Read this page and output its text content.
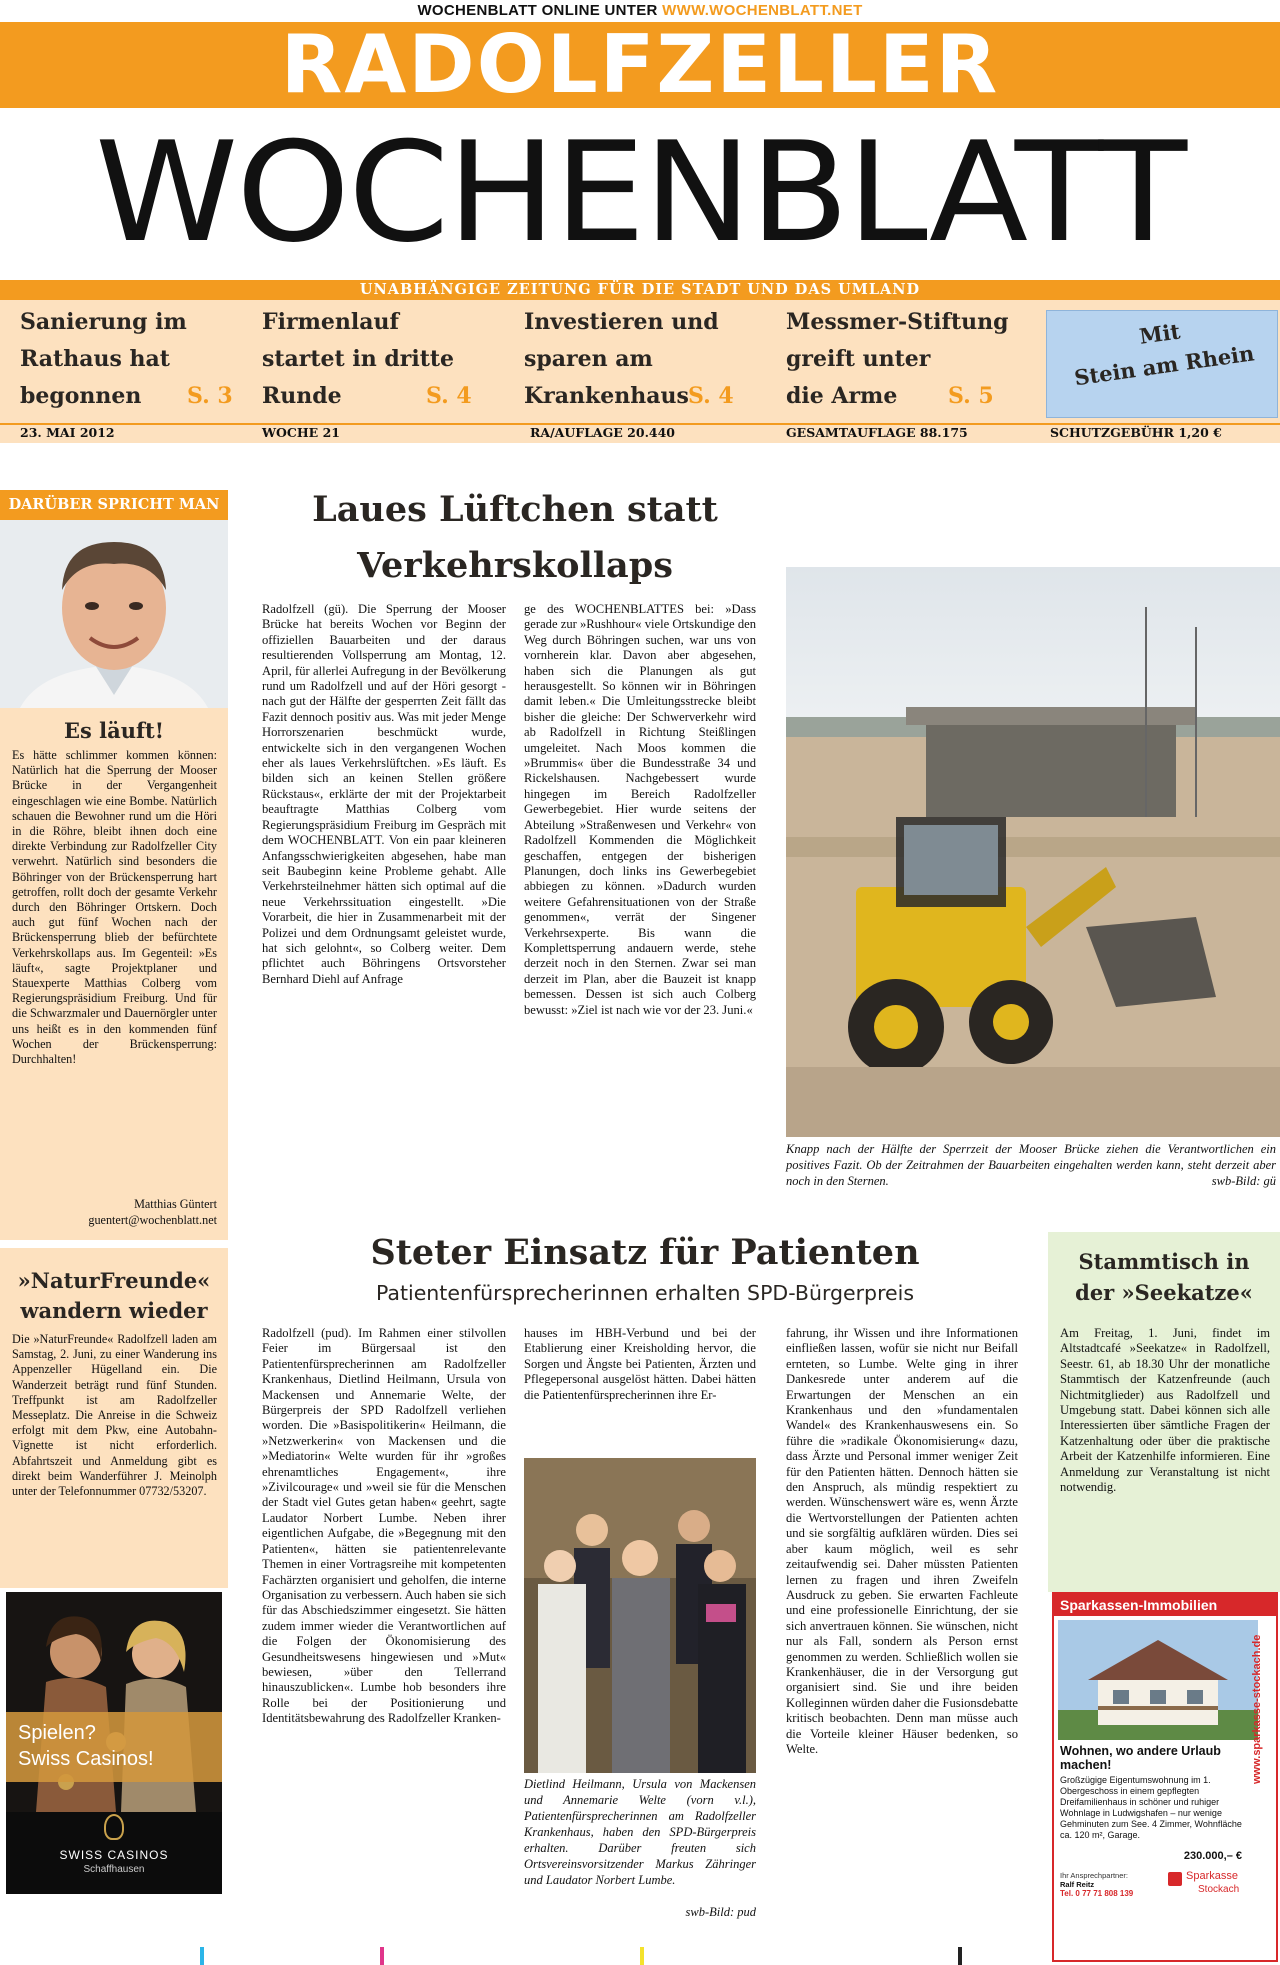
WOCHENBLATT ONLINE UNTER WWW.WOCHENBLATT.NET
RADOLFZELLER
WOCHENBLATT
UNABHÄNGIGE ZEITUNG FÜR DIE STADT UND DAS UMLAND
Sanierung im
Rathaus hat
begonnen S. 3
Firmenlauf
startet in dritte
Runde	S. 4
Investieren und
sparen am
Krankenhaus S. 4
Messmer-Stiftung
greift unter
die Arme S. 5
Mit
Stein am Rhein
23. MAI 2012	WOCHE 21	RA/AUFLAGE 20.440	GESAMTAUFLAGE 88.175	SCHUTZGEBÜHR 1,20 €
DARÜBER SPRICHT MAN
Es läuft!
Es hätte schlimmer kommen können: Natürlich hat die Sperrung der Mooser Brücke in der Vergangenheit eingeschlagen wie eine Bombe. Natürlich schauen die Bewohner rund um die Höri in die Röhre, bleibt ihnen doch eine direkte Verbindung zur Radolfzeller City verwehrt. Natürlich sind besonders die Böhringer von der Brückensperrung hart getroffen, rollt doch der gesamte Verkehr durch den Böhringer Ortskern. Doch auch gut fünf Wochen nach der Brückensperrung blieb der befürchtete Verkehrskollaps aus. Im Gegenteil: »Es läuft«, sagte Projektplaner und Stauexperte Matthias Colberg vom Regierungspräsidium Freiburg. Und für die Schwarzmaler und Dauernörgler unter uns heißt es in den kommenden fünf Wochen der Brückensperrung: Durchhalten!
Matthias Güntert
guentert@wochenblatt.net
»NaturFreunde«
wandern wieder
Die »NaturFreunde« Radolfzell laden am Samstag, 2. Juni, zu einer Wanderung ins Appenzeller Hügelland ein. Die Wanderzeit beträgt rund fünf Stunden. Treffpunkt ist am Radolfzeller Messeplatz. Die Anreise in die Schweiz erfolgt mit dem Pkw, eine Autobahn-Vignette ist nicht erforderlich. Abfahrtszeit und Anmeldung gibt es direkt beim Wanderführer J. Meinolph unter der Telefonnummer 07732/53207.
Spielen?
Swiss Casinos!
SWISS CASINOS
Schaffhausen
Laues Lüftchen statt
Verkehrskollaps
Radolfzell (gü). Die Sperrung der Mooser Brücke hat bereits Wochen vor Beginn der offiziellen Bauarbeiten und der daraus resultierenden Vollsperrung am Montag, 12. April, für allerlei Aufregung in der Bevölkerung rund um Radolfzell und auf der Höri gesorgt - nach gut der Hälfte der gesperrten Zeit fällt das Fazit dennoch positiv aus. Was mit jeder Menge Horrorszenarien beschmückt wurde, entwickelte sich in den vergangenen Wochen eher als laues Verkehrslüftchen. »Es läuft. Es bilden sich an keinen Stellen größere Rückstaus«, erklärte der mit der Projektarbeit beauftragte Matthias Colberg vom Regierungspräsidium Freiburg im Gespräch mit dem WOCHENBLATT. Von ein paar kleineren Anfangsschwierigkeiten abgesehen, habe man seit Baubeginn keine Probleme gehabt. Alle Verkehrsteilnehmer hätten sich optimal auf die neue Verkehrssituation eingestellt. »Die Vorarbeit, die hier in Zusammenarbeit mit der Polizei und dem Ordnungsamt geleistet wurde, hat sich gelohnt«, so Colberg weiter. Dem pflichtet auch Böhringens Ortsvorsteher Bernhard Diehl auf Anfrage
ge des WOCHENBLATTES bei: »Dass gerade zur »Rushhour« viele Ortskundige den Weg durch Böhringen suchen, war uns von vornherein klar. Davon aber abgesehen, haben sich die Planungen als gut herausgestellt. So können wir in Böhringen damit leben.« Die Umleitungsstrecke bleibt bisher die gleiche: Der Schwerverkehr wird ab Radolfzell in Richtung Steißlingen umgeleitet. Nach Moos kommen die »Brummis« über die Bundesstraße 34 und Rickelshausen. Nachgebessert wurde hingegen im Bereich Radolfzeller Gewerbegebiet. Hier wurde seitens der Abteilung »Straßenwesen und Verkehr« von Radolfzell Kommenden die Möglichkeit geschaffen, entgegen der bisherigen Planungen, doch links ins Gewerbegebiet abbiegen zu können. »Dadurch wurden weitere Gefahrensituationen von der Straße genommen«, verrät der Singener Verkehrsexperte. Bis wann die Komplettsperrung andauern werde, stehe derzeit noch in den Sternen. Zwar sei man derzeit im Plan, aber die Bauzeit ist knapp bemessen. Dessen ist sich auch Colberg bewusst: »Ziel ist nach wie vor der 23. Juni.«
Knapp nach der Hälfte der Sperrzeit der Mooser Brücke ziehen die Verantwortlichen ein positives Fazit. Ob der Zeitrahmen der Bauarbeiten eingehalten werden kann, steht derzeit aber noch in den Sternen.	swb-Bild: gü
Steter Einsatz für Patienten
Patientenfürsprecherinnen erhalten SPD-Bürgerpreis
Radolfzell (pud). Im Rahmen einer stilvollen Feier im Bürgersaal ist den Patientenfürsprecherinnen am Radolfzeller Krankenhaus, Dietlind Heilmann, Ursula von Mackensen und Annemarie Welte, der Bürgerpreis der SPD Radolfzell verliehen worden. Die »Basispolitikerin« Heilmann, die »Netzwerkerin« von Mackensen und die »Mediatorin« Welte wurden für ihr »großes ehrenamtliches Engagement«, ihre »Zivilcourage« und »weil sie für die Menschen der Stadt viel Gutes getan haben« geehrt, sagte Laudator Norbert Lumbe. Neben ihrer eigentlichen Aufgabe, die »Begegnung mit den Patienten«, hätten sie patientenrelevante Themen in einer Vortragsreihe mit kompetenten Fachärzten organisiert und geholfen, die interne Organisation zu verbessern. Auch haben sie sich für das Abschiedszimmer eingesetzt. Sie hätten zudem immer wieder die Verantwortlichen auf die Folgen der Ökonomisierung des Gesundheitswesens hingewiesen und »Mut« bewiesen, »über den Tellerrand hinauszublicken«. Lumbe hob besonders ihre Rolle bei der Positionierung und Identitätsbewahrung des Radolfzeller Kranken-
hauses im HBH-Verbund und bei der Etablierung einer Kreisholding hervor, die Sorgen und Ängste bei Patienten, Ärzten und Pflegepersonal ausgelöst hätten. Dabei hätten die Patientenfürsprecherinnen ihre Er-
Dietlind Heilmann, Ursula von Mackensen und Annemarie Welte (vorn v.l.), Patientenfürsprecherinnen am Radolfzeller Krankenhaus, haben den SPD-Bürgerpreis erhalten. Darüber freuten sich Ortsvereinsvorsitzender Markus Zähringer und Laudator Norbert Lumbe.
swb-Bild: pud
fahrung, ihr Wissen und ihre Informationen einfließen lassen, wofür sie nicht nur Beifall ernteten, so Lumbe. Welte ging in ihrer Dankesrede unter anderem auf die Erwartungen der Menschen an ein Krankenhaus und den »fundamentalen Wandel« des Krankenhauswesens ein. So führe die »radikale Ökonomisierung« dazu, dass Ärzte und Personal immer weniger Zeit für den Patienten hätten. Dennoch hätten sie den Anspruch, als mündig respektiert zu werden. Wünschenswert wäre es, wenn Ärzte die Wertvorstellungen der Patienten achten und sie sorgfältig aufklären würden. Dies sei aber kaum möglich, weil es sehr zeitaufwendig sei. Daher müssten Patienten lernen zu fragen und ihren Zweifeln Ausdruck zu geben. Sie erwarten Fachleute und eine professionelle Einrichtung, der sie sich anvertrauen können. Sie wünschen, nicht nur als Fall, sondern als Person ernst genommen zu werden. Schließlich wollen sie Krankenhäuser, die in der Versorgung gut organisiert sind. Sie und ihre beiden Kolleginnen würden daher die Fusionsdebatte kritisch beobachten. Denn man müsse auch die Vorteile kleiner Häuser bedenken, so Welte.
Stammtisch in
der »Seekatze«
Am Freitag, 1. Juni, findet im Altstadtcafé »Seekatze« in Radolfzell, Seestr. 61, ab 18.30 Uhr der monatliche Stammtisch der Katzenfreunde (auch Nichtmitglieder) aus Radolfzell und Umgebung statt. Dabei können sich alle Interessierten über sämtliche Fragen der Katzenhaltung oder über die praktische Arbeit der Katzenhilfe informieren. Eine Anmeldung zur Veranstaltung ist nicht notwendig.
Sparkassen-Immobilien
www.sparkasse-stockach.de
Wohnen, wo andere Urlaub machen!
Großzügige Eigentumswohnung im 1. Obergeschoss in einem gepflegten Dreifamilienhaus in schöner und ruhiger Wohnlage in Ludwigshafen – nur wenige Gehminuten zum See. 4 Zimmer, Wohnfläche ca. 120 m², Garage.
230.000,– €
Ihr Ansprechpartner:
Ralf Reitz
Tel. 0 77 71 808 139
Sparkasse
Stockach
